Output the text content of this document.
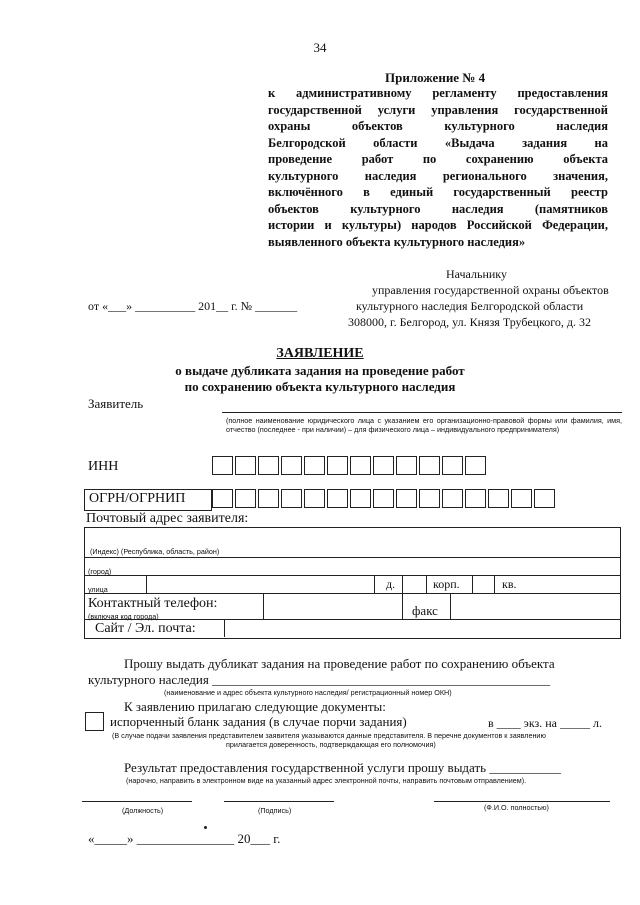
34
Приложение № 4
к административному регламенту предоставления
государственной услуги управления государственной
охраны объектов культурного наследия
Белгородской области «Выдача задания на
проведение работ по сохранению объекта
культурного наследия регионального значения,
включённого в единый государственный реестр
объектов культурного наследия (памятников
истории и культуры) народов Российской Федерации,
выявленного объекта культурного наследия»
Начальнику
управления государственной охраны объектов
культурного наследия Белгородской области
308000, г. Белгород, ул. Князя Трубецкого, д. 32
от «___» __________ 201__ г. № _______
ЗАЯВЛЕНИЕ
о выдаче дубликата задания на проведение работ
по сохранению объекта культурного наследия
Заявитель
(полное наименование юридического лица с указанием его организационно-правовой формы или фамилия, имя, отчество (последнее - при наличии) – для физического лица – индивидуального предпринимателя)
ИНН
ОГРН/ОГРНИП
Почтовый адрес заявителя:
(Индекс) (Республика, область, район)
(город)
улица	д.	корп.	кв.
Контактный телефон:
(включая код города)	факс
Сайт / Эл. почта:
Прошу выдать дубликат задания на проведение работ по сохранению объекта
культурного наследия ____________________________________________________
(наименование и адрес объекта культурного наследия/ регистрационный номер ОКН)
К заявлению прилагаю следующие документы:
испорченный бланк задания (в случае порчи задания)	в ____ экз. на _____ л.
(В случае подачи заявления представителем заявителя указываются данные представителя. В перечне документов к заявлению
прилагается доверенность, подтверждающая его полномочия)
Результат предоставления государственной услуги прошу выдать ___________
(нарочно, направить в электронном виде на указанный адрес электронной почты, направить почтовым отправлением).
(Должность)	(Подпись)	(Ф.И.О. полностью)
«_____» _______________ 20___ г.
